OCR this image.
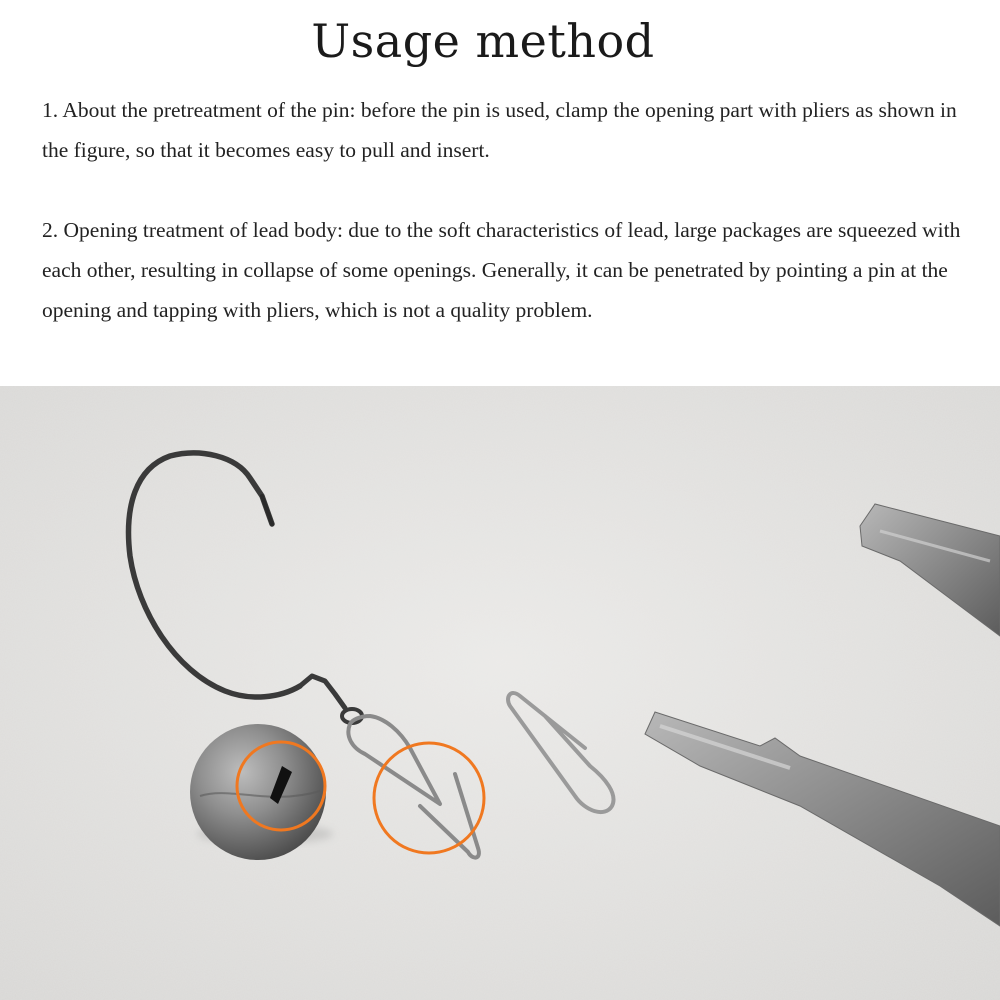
Usage method

1. About the pretreatment of the pin: before the pin is used, clamp the opening part with pliers as shown in the figure, so that it becomes easy to pull and insert.

2. Opening treatment of lead body: due to the soft characteristics of lead, large packages are squeezed with each other, resulting in collapse of some openings. Generally, it can be penetrated by pointing a pin at the opening and tapping with pliers, which is not a quality problem.
